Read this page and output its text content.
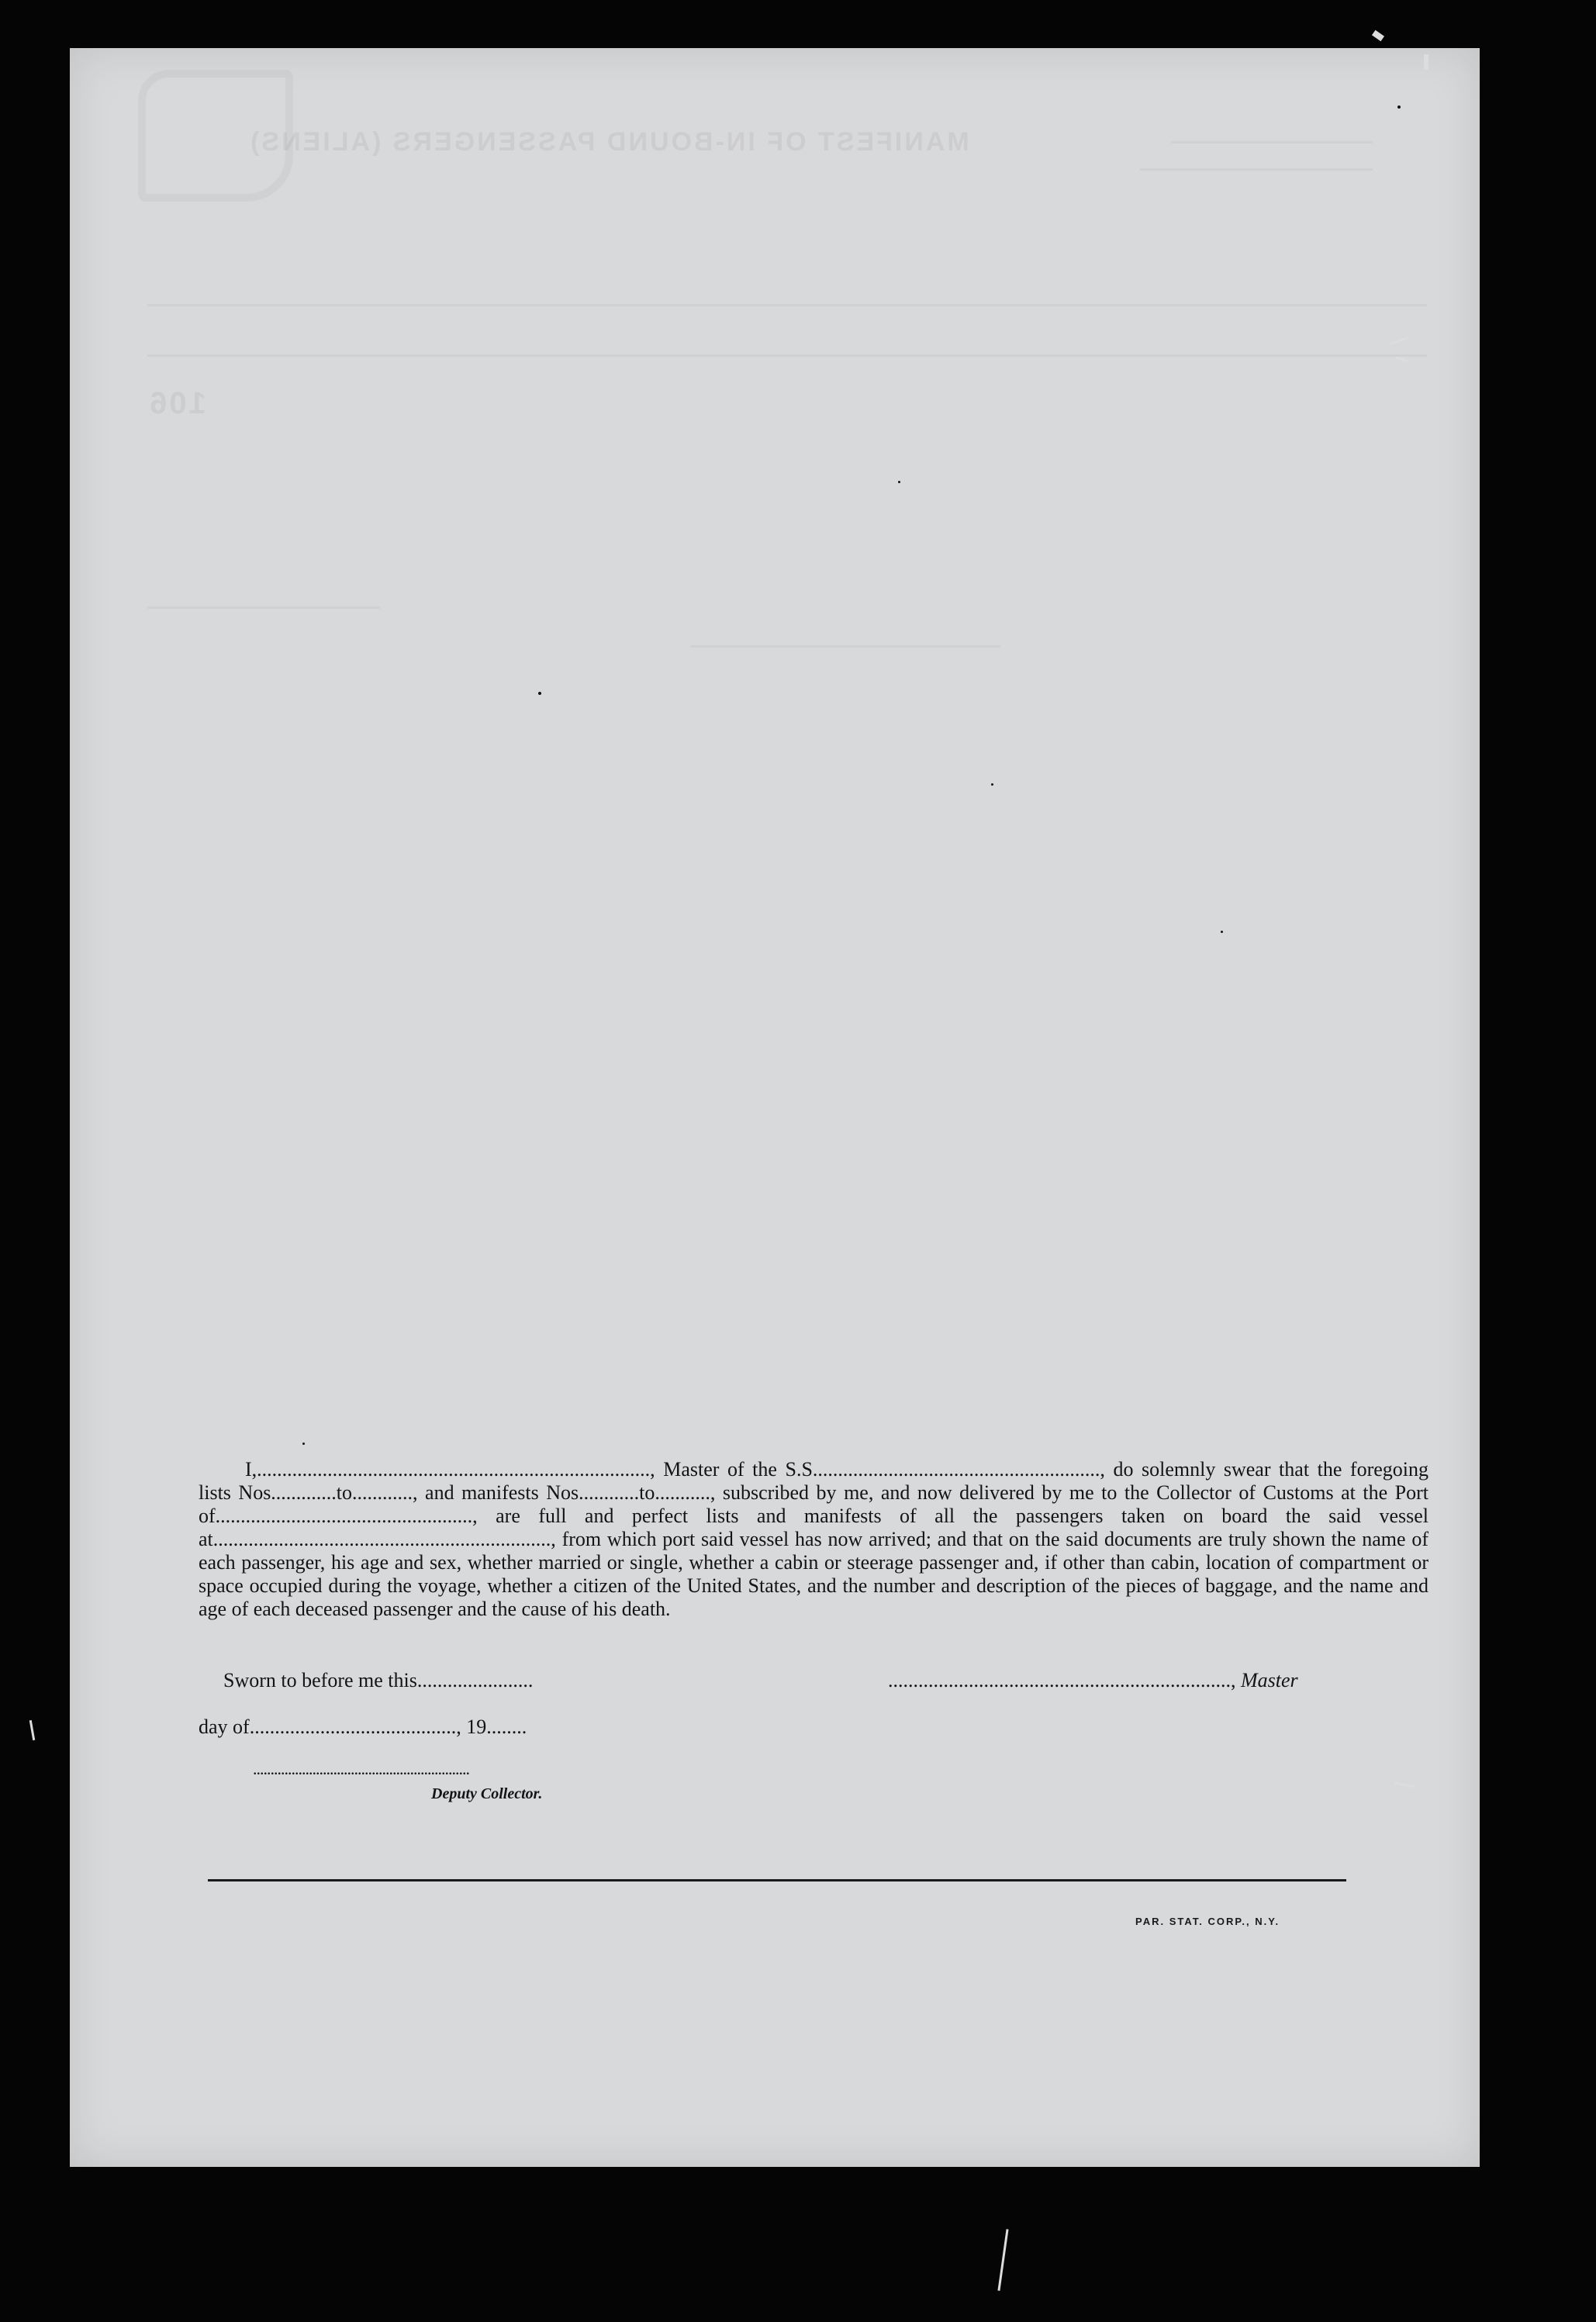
MANIFEST OF IN-BOUND PASSENGERS (ALIENS)
106

I,.............................................................................., Master of the S.S........................................................., do solemnly swear that the foregoing lists Nos.............to............, and manifests Nos............to..........., subscribed by me, and now delivered by me to the Collector of Customs at the Port of..................................................., are full and perfect lists and manifests of all the passengers taken on board the said vessel at..................................................................., from which port said vessel has now arrived; and that on the said documents are truly shown the name of each passenger, his age and sex, whether married or single, whether a cabin or steerage passenger and, if other than cabin, location of compartment or space occupied during the voyage, whether a citizen of the United States, and the number and description of the pieces of baggage, and the name and age of each deceased passenger and the cause of his death.

Sworn to before me this.......................	...................................................................., Master
day of........................................., 19........
..............................................................
Deputy Collector.
PAR. STAT. CORP., N.Y.
